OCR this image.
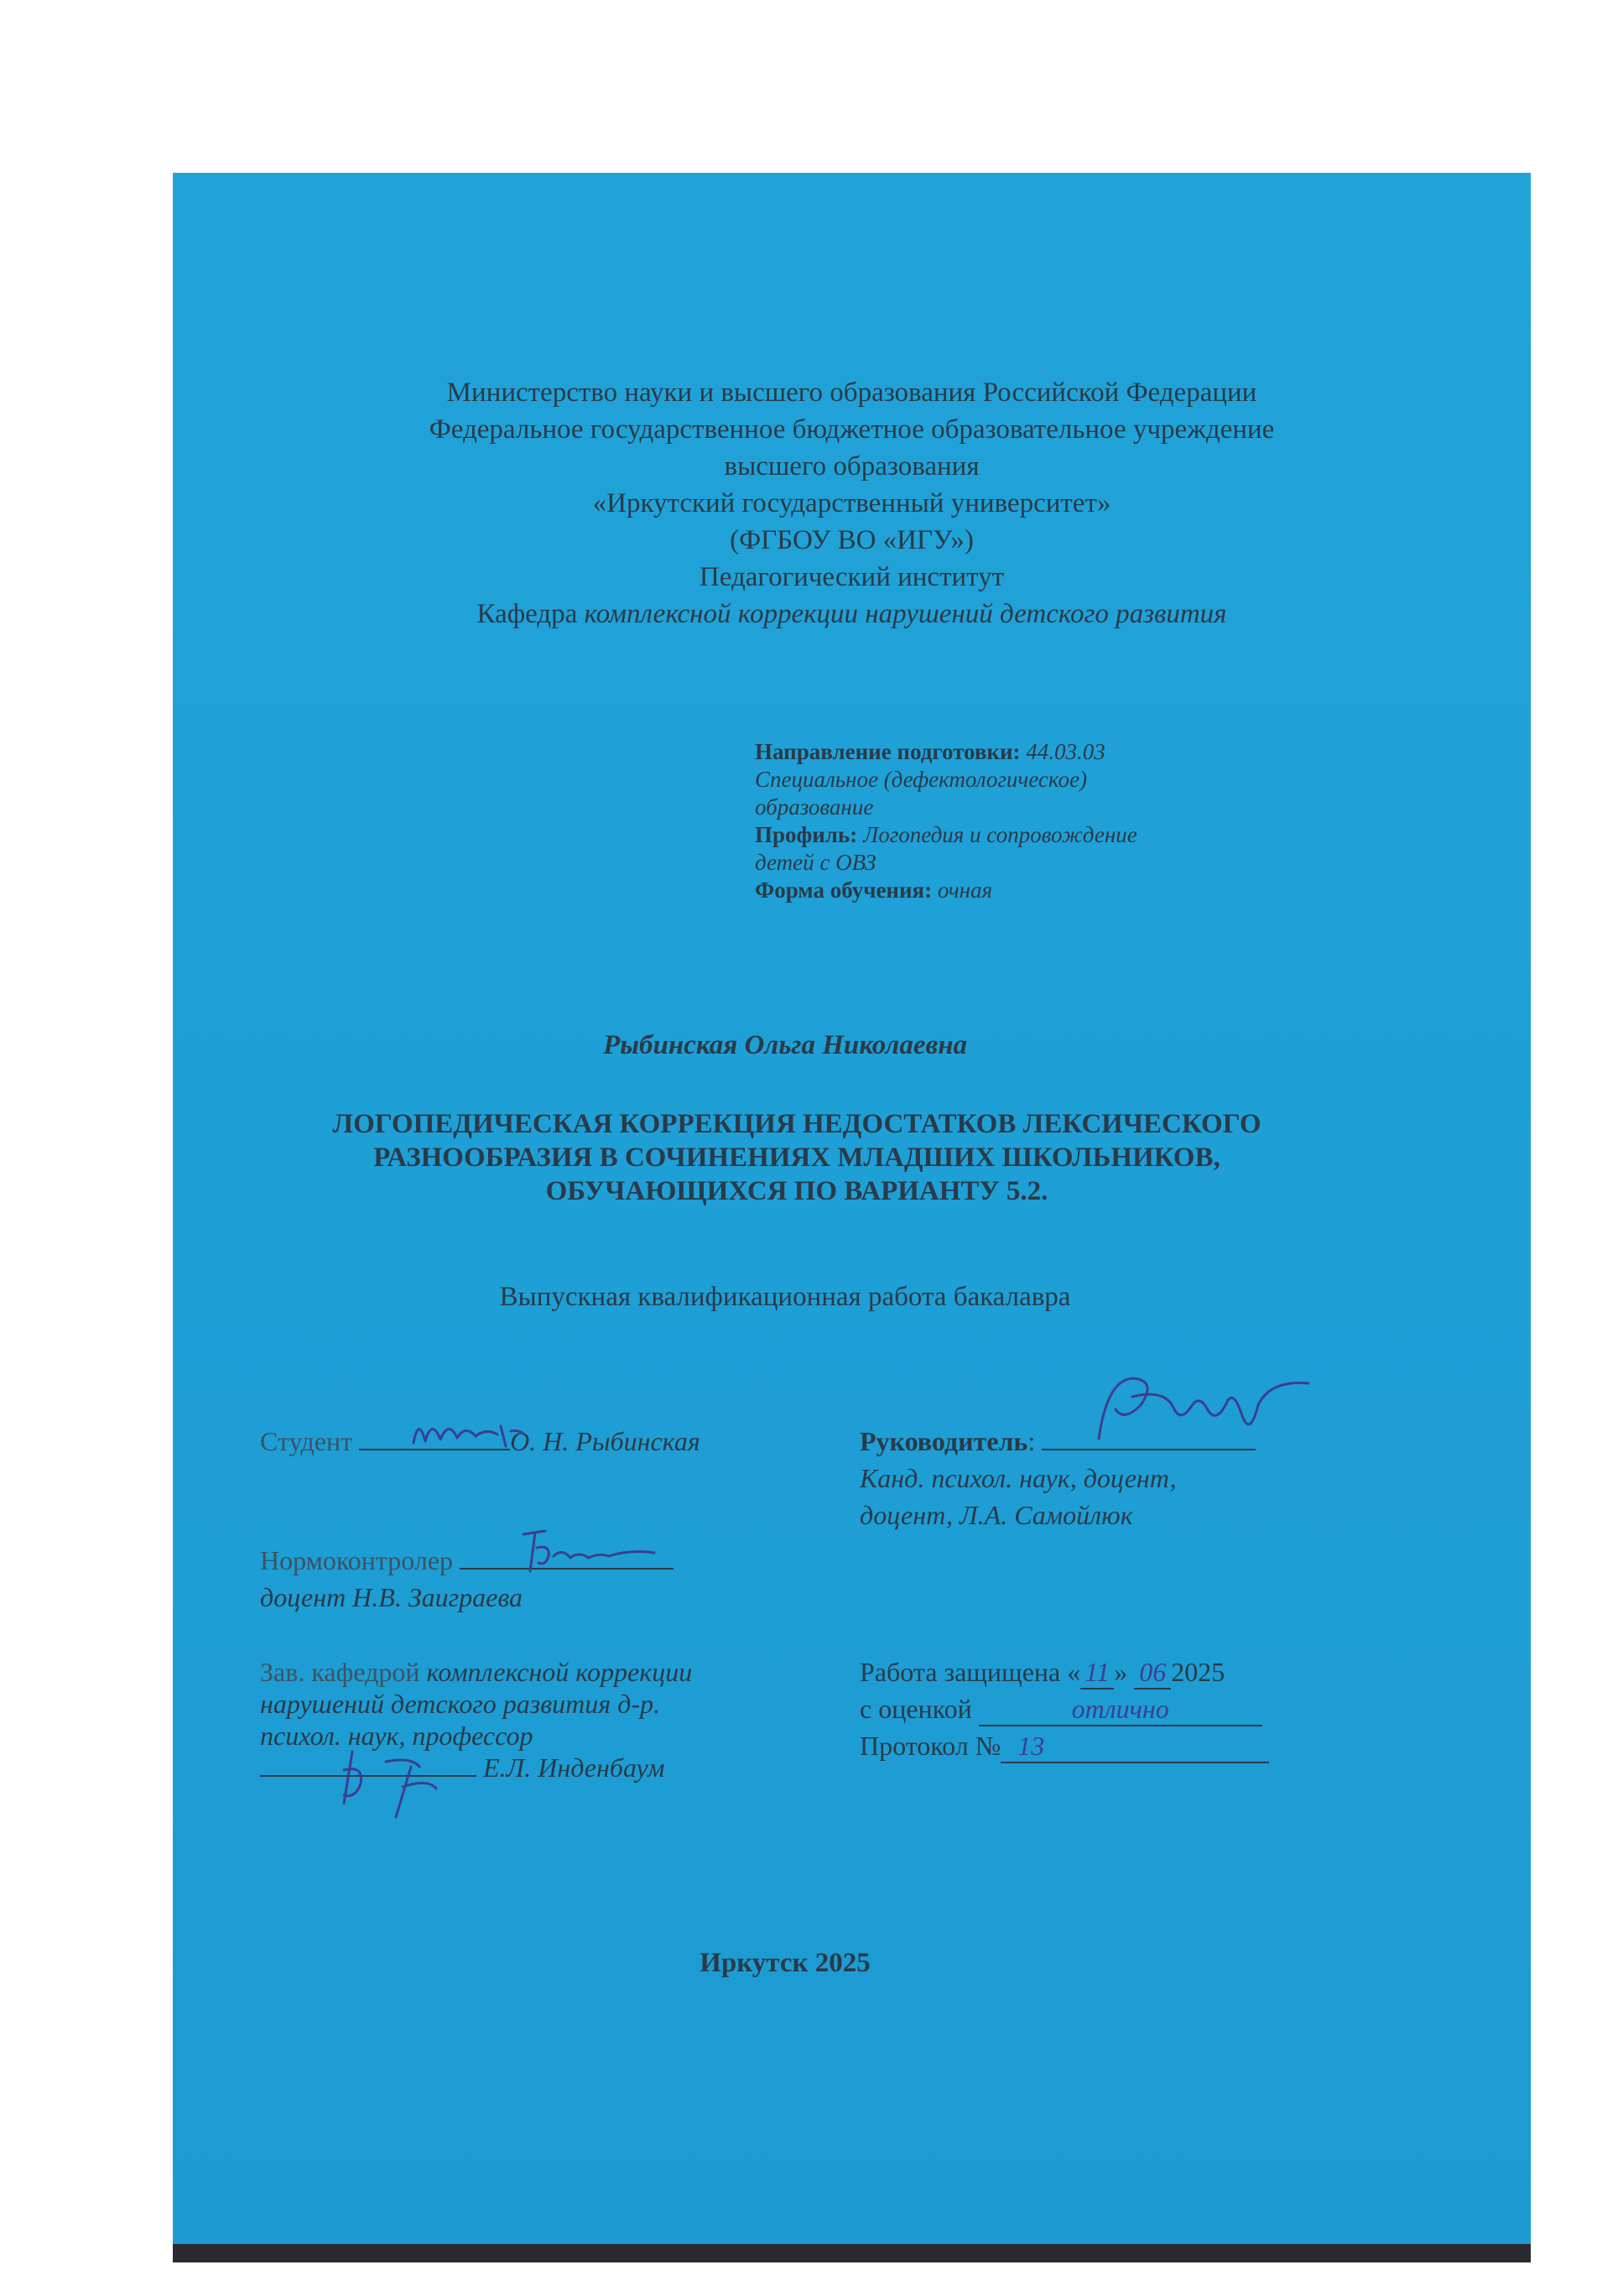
Министерство науки и высшего образования Российской Федерации
Федеральное государственное бюджетное образовательное учреждение
высшего образования
«Иркутский государственный университет»
(ФГБОУ ВО «ИГУ»)
Педагогический институт
Кафедра комплексной коррекции нарушений детского развития
Направление подготовки: 44.03.03
Специальное (дефектологическое)
образование
Профиль: Логопедия и сопровождение
детей с ОВЗ
Форма обучения: очная
Рыбинская Ольга Николаевна
ЛОГОПЕДИЧЕСКАЯ КОРРЕКЦИЯ НЕДОСТАТКОВ ЛЕКСИЧЕСКОГО
РАЗНООБРАЗИЯ В СОЧИНЕНИЯХ МЛАДШИХ ШКОЛЬНИКОВ,
ОБУЧАЮЩИХСЯ ПО ВАРИАНТУ 5.2.
Выпускная квалификационная работа бакалавра
Студент	О. Н. Рыбинская	Руководитель:
Канд. психол. наук, доцент,
доцент, Л.А. Самойлюк
Нормоконтролер
доцент Н.В. Заиграева
Зав. кафедрой комплексной коррекции
нарушений детского развития д-р.
психол. наук, профессор
Е.Л. Инденбаум
Работа защищена « 11 » 06 2025
с оценкой	отлично
Протокол № 13
Иркутск 2025
